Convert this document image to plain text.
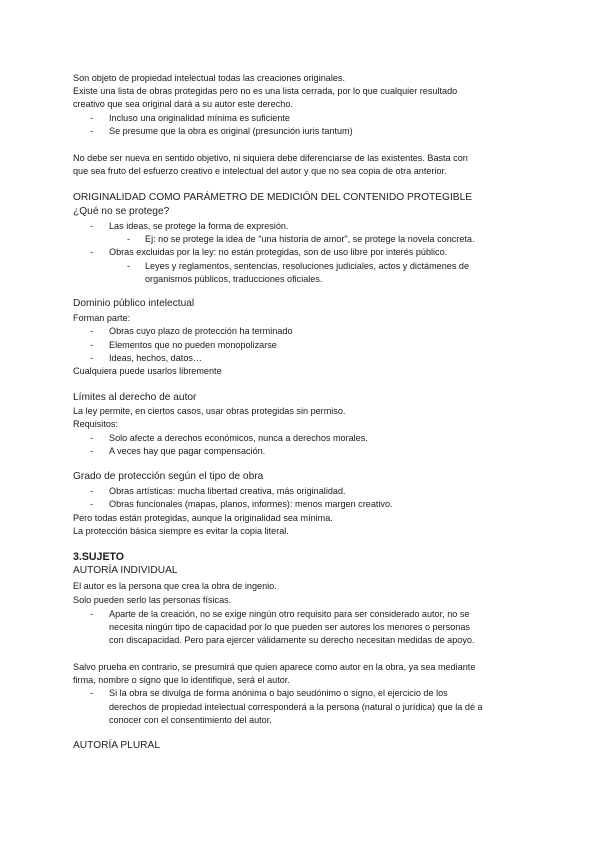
Son objeto de propiedad intelectual todas las creaciones originales.
Existe una lista de obras protegidas pero no es una lista cerrada, por lo que cualquier resultado
creativo que sea original dará a su autor este derecho.
- Incluso una originalidad mínima es suficiente
- Se presume que la obra es original (presunción iuris tantum)
No debe ser nueva en sentido objetivo, ni siquiera debe diferenciarse de las existentes. Basta con
que sea fruto del esfuerzo creativo e intelectual del autor y que no sea copia de otra anterior.
ORIGINALIDAD COMO PARÁMETRO DE MEDICIÓN DEL CONTENIDO PROTEGIBLE
¿Qué no se protege?
- Las ideas, se protege la forma de expresión.
- Ej: no se protege la idea de "una historia de amor", se protege la novela concreta.
- Obras excluidas por la ley: no están protegidas, son de uso libre por interés público.
- Leyes y reglamentos, sentencias, resoluciones judiciales, actos y dictámenes de
organismos públicos, traducciones oficiales.
Dominio público intelectual
Forman parte:
- Obras cuyo plazo de protección ha terminado
- Elementos que no pueden monopolizarse
- Ideas, hechos, datos…
Cualquiera puede usarlos libremente
Límites al derecho de autor
La ley permite, en ciertos casos, usar obras protegidas sin permiso.
Requisitos:
- Solo afecte a derechos económicos, nunca a derechos morales.
- A veces hay que pagar compensación.
Grado de protección según el tipo de obra
- Obras artísticas: mucha libertad creativa, más originalidad.
- Obras funcionales (mapas, planos, informes): menos margen creativo.
Pero todas están protegidas, aunque la originalidad sea mínima.
La protección básica siempre es evitar la copia literal.
3.SUJETO
AUTORÍA INDIVIDUAL
El autor es la persona que crea la obra de ingenio.
Solo pueden serlo las personas físicas.
- Aparte de la creación, no se exige ningún otro requisito para ser considerado autor, no se
necesita ningún tipo de capacidad por lo que pueden ser autores los menores o personas
con discapacidad. Pero para ejercer válidamente su derecho necesitan medidas de apoyo.
Salvo prueba en contrario, se presumirá que quien aparece como autor en la obra, ya sea mediante
firma, nombre o signo que lo identifique, será el autor.
- Si la obra se divulga de forma anónima o bajo seudónimo o signo, el ejercicio de los
derechos de propiedad intelectual corresponderá a la persona (natural o jurídica) que la dé a
conocer con el consentimiento del autor.
AUTORÍA PLURAL
